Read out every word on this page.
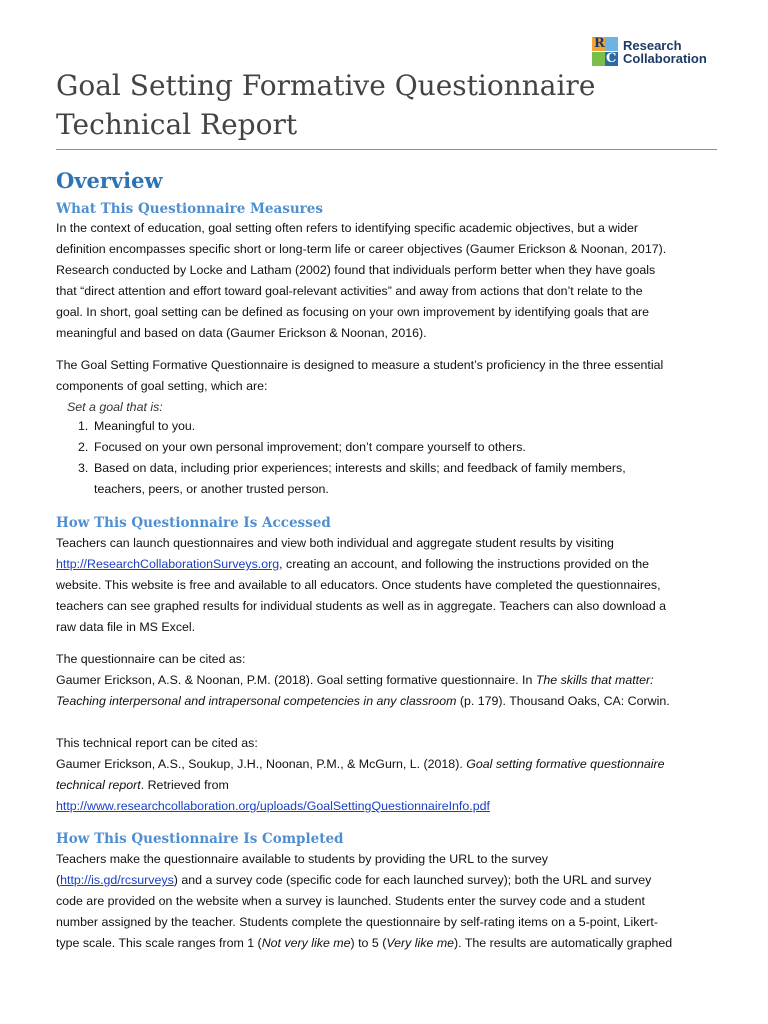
R
C
Research
Collaboration
Goal Setting Formative Questionnaire
Technical Report
Overview
What This Questionnaire Measures
In the context of education, goal setting often refers to identifying specific academic objectives, but a wider
definition encompasses specific short or long-term life or career objectives (Gaumer Erickson & Noonan, 2017).
Research conducted by Locke and Latham (2002) found that individuals perform better when they have goals
that “direct attention and effort toward goal-relevant activities” and away from actions that don’t relate to the
goal. In short, goal setting can be defined as focusing on your own improvement by identifying goals that are
meaningful and based on data (Gaumer Erickson & Noonan, 2016).
The Goal Setting Formative Questionnaire is designed to measure a student’s proficiency in the three essential
components of goal setting, which are:
Set a goal that is:
1. Meaningful to you.
2. Focused on your own personal improvement; don’t compare yourself to others.
3. Based on data, including prior experiences; interests and skills; and feedback of family members,
teachers, peers, or another trusted person.
How This Questionnaire Is Accessed
Teachers can launch questionnaires and view both individual and aggregate student results by visiting
http://ResearchCollaborationSurveys.org, creating an account, and following the instructions provided on the
website. This website is free and available to all educators. Once students have completed the questionnaires,
teachers can see graphed results for individual students as well as in aggregate. Teachers can also download a
raw data file in MS Excel.
The questionnaire can be cited as:
Gaumer Erickson, A.S. & Noonan, P.M. (2018). Goal setting formative questionnaire. In The skills that matter:
Teaching interpersonal and intrapersonal competencies in any classroom (p. 179). Thousand Oaks, CA: Corwin.
This technical report can be cited as:
Gaumer Erickson, A.S., Soukup, J.H., Noonan, P.M., & McGurn, L. (2018). Goal setting formative questionnaire
technical report. Retrieved from
http://www.researchcollaboration.org/uploads/GoalSettingQuestionnaireInfo.pdf
How This Questionnaire Is Completed
Teachers make the questionnaire available to students by providing the URL to the survey
(http://is.gd/rcsurveys) and a survey code (specific code for each launched survey); both the URL and survey
code are provided on the website when a survey is launched. Students enter the survey code and a student
number assigned by the teacher. Students complete the questionnaire by self-rating items on a 5-point, Likert-
type scale. This scale ranges from 1 (Not very like me) to 5 (Very like me). The results are automatically graphed
